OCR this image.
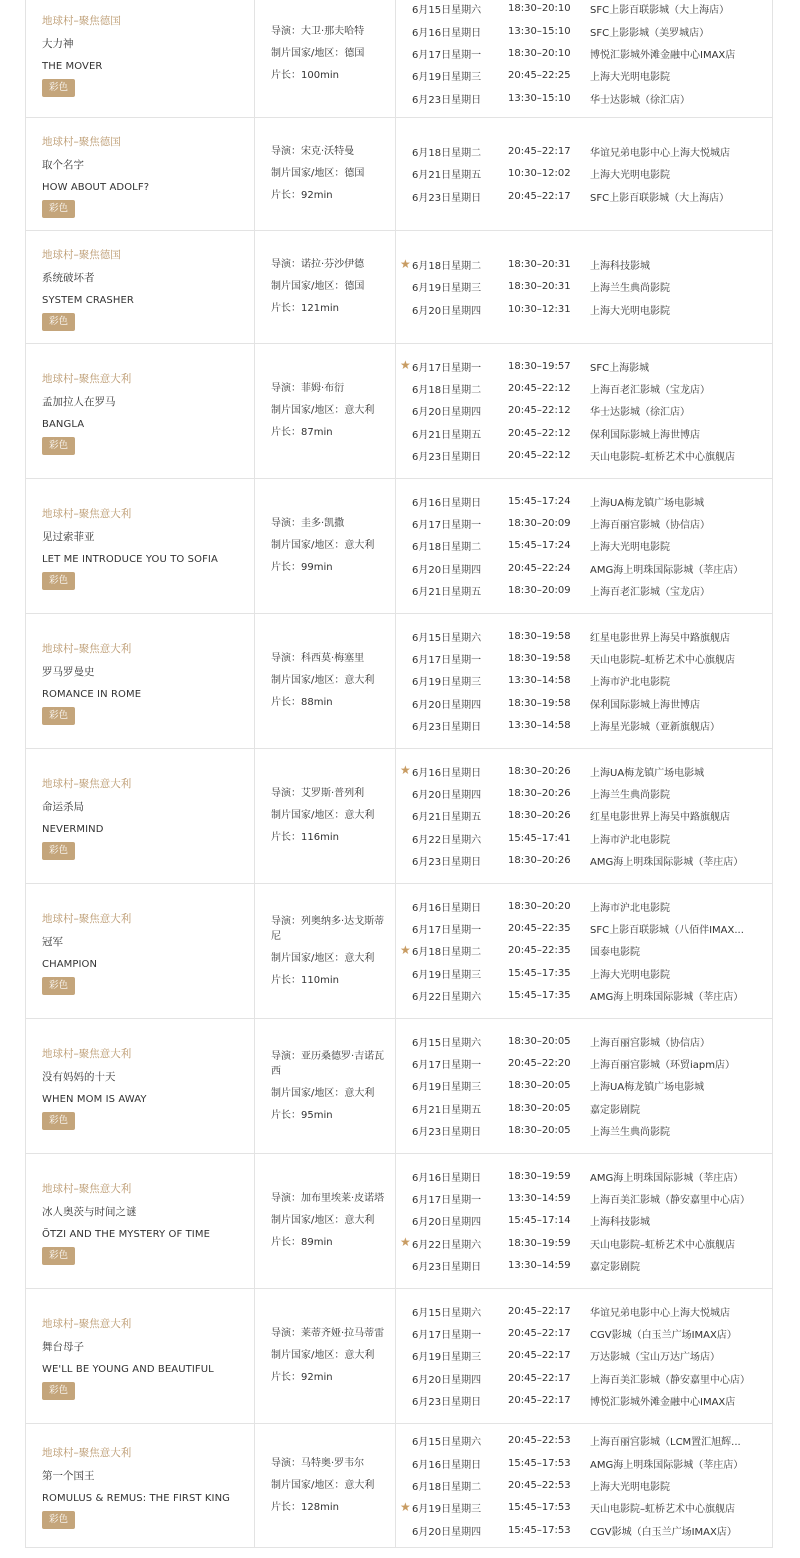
地球村–聚焦德国
大力神
THE MOVER
彩色
导演：大卫·那夫哈特
制片国家/地区：德国
片长：100min
6月15日星期六	18:30–20:10	SFC上影百联影城（大上海店）
6月16日星期日	13:30–15:10	SFC上影影城（美罗城店）
6月17日星期一	18:30–20:10	博悦汇影城外滩金融中心IMAX店
6月19日星期三	20:45–22:25	上海大光明电影院
6月23日星期日	13:30–15:10	华士达影城（徐汇店）
地球村–聚焦德国
取个名字
HOW ABOUT ADOLF?
彩色
导演：宋克·沃特曼
制片国家/地区：德国
片长：92min
6月18日星期二	20:45–22:17	华谊兄弟电影中心上海大悦城店
6月21日星期五	10:30–12:02	上海大光明电影院
6月23日星期日	20:45–22:17	SFC上影百联影城（大上海店）
地球村–聚焦德国
系统破坏者
SYSTEM CRASHER
彩色
导演：诺拉·芬沙伊德
制片国家/地区：德国
片长：121min
★ 6月18日星期二	18:30–20:31	上海科技影城
6月19日星期三	18:30–20:31	上海兰生典尚影院
6月20日星期四	10:30–12:31	上海大光明电影院
地球村–聚焦意大利
孟加拉人在罗马
BANGLA
彩色
导演：菲姆·布衍
制片国家/地区：意大利
片长：87min
★ 6月17日星期一	18:30–19:57	SFC上海影城
6月18日星期二	20:45–22:12	上海百老汇影城（宝龙店）
6月20日星期四	20:45–22:12	华士达影城（徐汇店）
6月21日星期五	20:45–22:12	保利国际影城上海世博店
6月23日星期日	20:45–22:12	天山电影院–虹桥艺术中心旗舰店
地球村–聚焦意大利
见过索菲亚
LET ME INTRODUCE YOU TO SOFIA
彩色
导演：圭多·凯撒
制片国家/地区：意大利
片长：99min
6月16日星期日	15:45–17:24	上海UA梅龙镇广场电影城
6月17日星期一	18:30–20:09	上海百丽宫影城（协信店）
6月18日星期二	15:45–17:24	上海大光明电影院
6月20日星期四	20:45–22:24	AMG海上明珠国际影城（莘庄店）
6月21日星期五	18:30–20:09	上海百老汇影城（宝龙店）
地球村–聚焦意大利
罗马罗曼史
ROMANCE IN ROME
彩色
导演：科西莫·梅塞里
制片国家/地区：意大利
片长：88min
6月15日星期六	18:30–19:58	红星电影世界上海吴中路旗舰店
6月17日星期一	18:30–19:58	天山电影院–虹桥艺术中心旗舰店
6月19日星期三	13:30–14:58	上海市沪北电影院
6月20日星期四	18:30–19:58	保利国际影城上海世博店
6月23日星期日	13:30–14:58	上海星光影城（亚新旗舰店）
地球村–聚焦意大利
命运杀局
NEVERMIND
彩色
导演：艾罗斯·普列利
制片国家/地区：意大利
片长：116min
★ 6月16日星期日	18:30–20:26	上海UA梅龙镇广场电影城
6月20日星期四	18:30–20:26	上海兰生典尚影院
6月21日星期五	18:30–20:26	红星电影世界上海吴中路旗舰店
6月22日星期六	15:45–17:41	上海市沪北电影院
6月23日星期日	18:30–20:26	AMG海上明珠国际影城（莘庄店）
地球村–聚焦意大利
冠军
CHAMPION
彩色
导演：列奥纳多·达戈斯蒂尼
制片国家/地区：意大利
片长：110min
6月16日星期日	18:30–20:20	上海市沪北电影院
6月17日星期一	20:45–22:35	SFC上影百联影城（八佰伴IMAX...
★ 6月18日星期二	20:45–22:35	国泰电影院
6月19日星期三	15:45–17:35	上海大光明电影院
6月22日星期六	15:45–17:35	AMG海上明珠国际影城（莘庄店）
地球村–聚焦意大利
没有妈妈的十天
WHEN MOM IS AWAY
彩色
导演：亚历桑德罗·吉诺瓦西
制片国家/地区：意大利
片长：95min
6月15日星期六	18:30–20:05	上海百丽宫影城（协信店）
6月17日星期一	20:45–22:20	上海百丽宫影城（环贸iapm店）
6月19日星期三	18:30–20:05	上海UA梅龙镇广场电影城
6月21日星期五	18:30–20:05	嘉定影剧院
6月23日星期日	18:30–20:05	上海兰生典尚影院
地球村–聚焦意大利
冰人奥茨与时间之谜
ÖTZI AND THE MYSTERY OF TIME
彩色
导演：加布里埃莱·皮诺塔
制片国家/地区：意大利
片长：89min
6月16日星期日	18:30–19:59	AMG海上明珠国际影城（莘庄店）
6月17日星期一	13:30–14:59	上海百美汇影城（静安嘉里中心店）
6月20日星期四	15:45–17:14	上海科技影城
★ 6月22日星期六	18:30–19:59	天山电影院–虹桥艺术中心旗舰店
6月23日星期日	13:30–14:59	嘉定影剧院
地球村–聚焦意大利
舞台母子
WE'LL BE YOUNG AND BEAUTIFUL
彩色
导演：莱蒂齐娅·拉马蒂雷
制片国家/地区：意大利
片长：92min
6月15日星期六	20:45–22:17	华谊兄弟电影中心上海大悦城店
6月17日星期一	20:45–22:17	CGV影城（白玉兰广场IMAX店）
6月19日星期三	20:45–22:17	万达影城（宝山万达广场店）
6月20日星期四	20:45–22:17	上海百美汇影城（静安嘉里中心店）
6月23日星期日	20:45–22:17	博悦汇影城外滩金融中心IMAX店
地球村–聚焦意大利
第一个国王
ROMULUS & REMUS: THE FIRST KING
彩色
导演：马特奥·罗韦尔
制片国家/地区：意大利
片长：128min
6月15日星期六	20:45–22:53	上海百丽宫影城（LCM置汇旭辉...
6月16日星期日	15:45–17:53	AMG海上明珠国际影城（莘庄店）
6月18日星期二	20:45–22:53	上海大光明电影院
★ 6月19日星期三	15:45–17:53	天山电影院–虹桥艺术中心旗舰店
6月20日星期四	15:45–17:53	CGV影城（白玉兰广场IMAX店）
